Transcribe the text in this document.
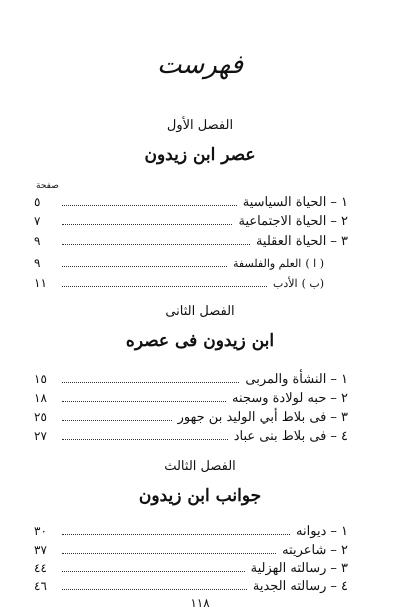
فهرست
الفصل الأول
عصر ابن زيدون
صفحة
١ –
الحياة السياسية
٥
٢ –
الحياة الاجتماعية
٧
٣ –
الحياة العقلية
٩
( ا )
العلم والفلسفة
٩
(ب )
الأدب
١١
الفصل الثانى
ابن زيدون فى عصره
١ –
النشأة والمربى
١٥
٢ –
حبه لولادة وسجنه
١٨
٣ –
فى بلاط أبي الوليد بن جهور
٢٥
٤ –
فى بلاط بنى عباد
٢٧
الفصل الثالث
جوانب ابن زيدون
١ –
ديوانه
٣٠
٢ –
شاعريته
٣٧
٣ –
رسالته الهزلية
٤٤
٤ –
رسالته الجدية
٤٦
١١٨
